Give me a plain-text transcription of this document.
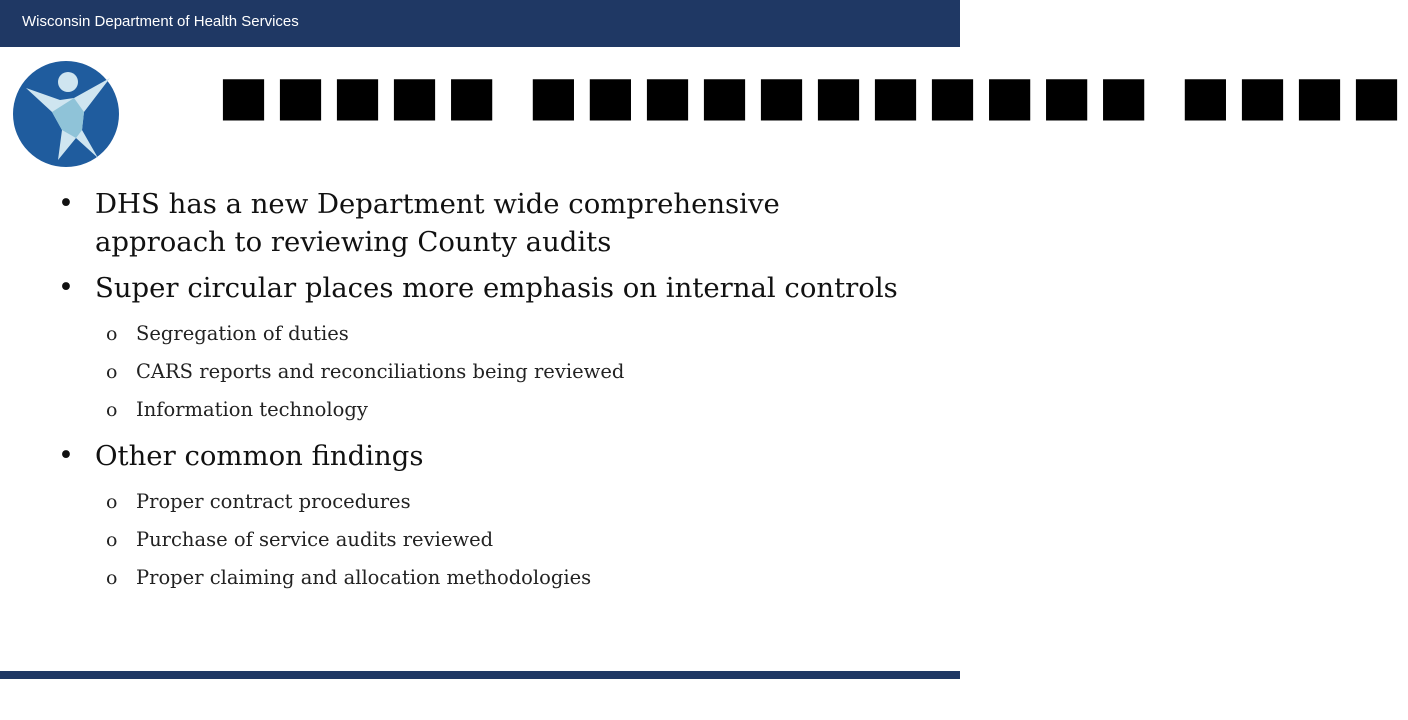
Wisconsin Department of Health Services
■■■■■ ■■■■■■■■■■■ ■■■■
• DHS has a new Department wide comprehensive approach to reviewing County audits
• Super circular places more emphasis on internal controls
o Segregation of duties
o CARS reports and reconciliations being reviewed
o Information technology
• Other common findings
o Proper contract procedures
o Purchase of service audits reviewed
o Proper claiming and allocation methodologies
